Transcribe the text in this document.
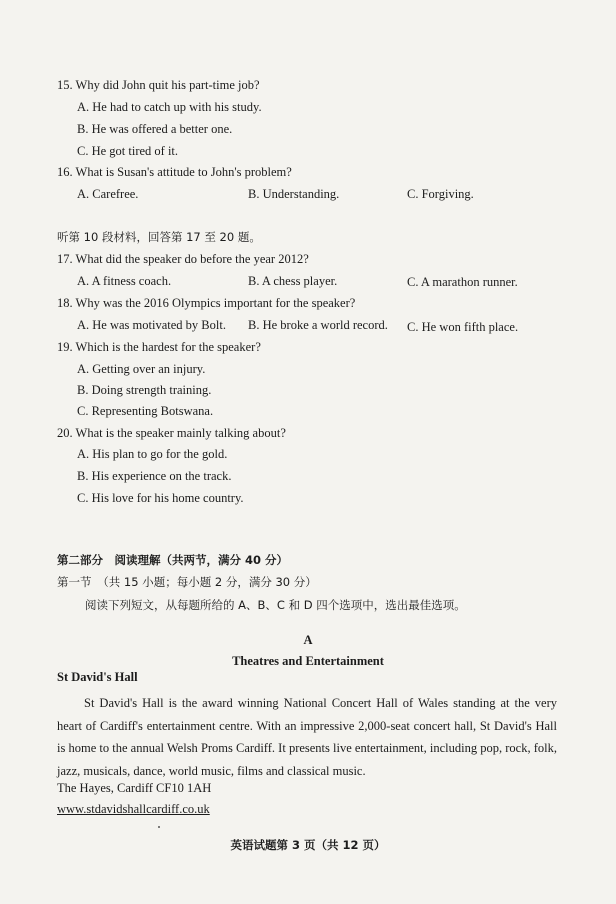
15. Why did John quit his part-time job?
A. He had to catch up with his study.
B. He was offered a better one.
C. He got tired of it.
16. What is Susan's attitude to John's problem?
A. Carefree.	B. Understanding.	C. Forgiving.
听第 10 段材料，回答第 17 至 20 题。
17. What did the speaker do before the year 2012?
A. A fitness coach.	B. A chess player.	C. A marathon runner.
18. Why was the 2016 Olympics important for the speaker?
A. He was motivated by Bolt. B. He broke a world record. C. He won fifth place.
19. Which is the hardest for the speaker?
A. Getting over an injury.
B. Doing strength training.
C. Representing Botswana.
20. What is the speaker mainly talking about?
A. His plan to go for the gold.
B. His experience on the track.
C. His love for his home country.
第二部分　阅读理解（共两节，满分 40 分）
第一节　（共 15 小题；每小题 2 分，满分 30 分）
阅读下列短文，从每题所给的 A、B、C 和 D 四个选项中，选出最佳选项。
A
Theatres and Entertainment
St David's Hall
St David's Hall is the award winning National Concert Hall of Wales standing at the very heart of Cardiff's entertainment centre. With an impressive 2,000-seat concert hall, St David's Hall is home to the annual Welsh Proms Cardiff. It presents live entertainment, including pop, rock, folk, jazz, musicals, dance, world music, films and classical music.
The Hayes, Cardiff CF10 1AH
www.stdavidshallcardiff.co.uk
英语试题第 3 页（共 12 页）
